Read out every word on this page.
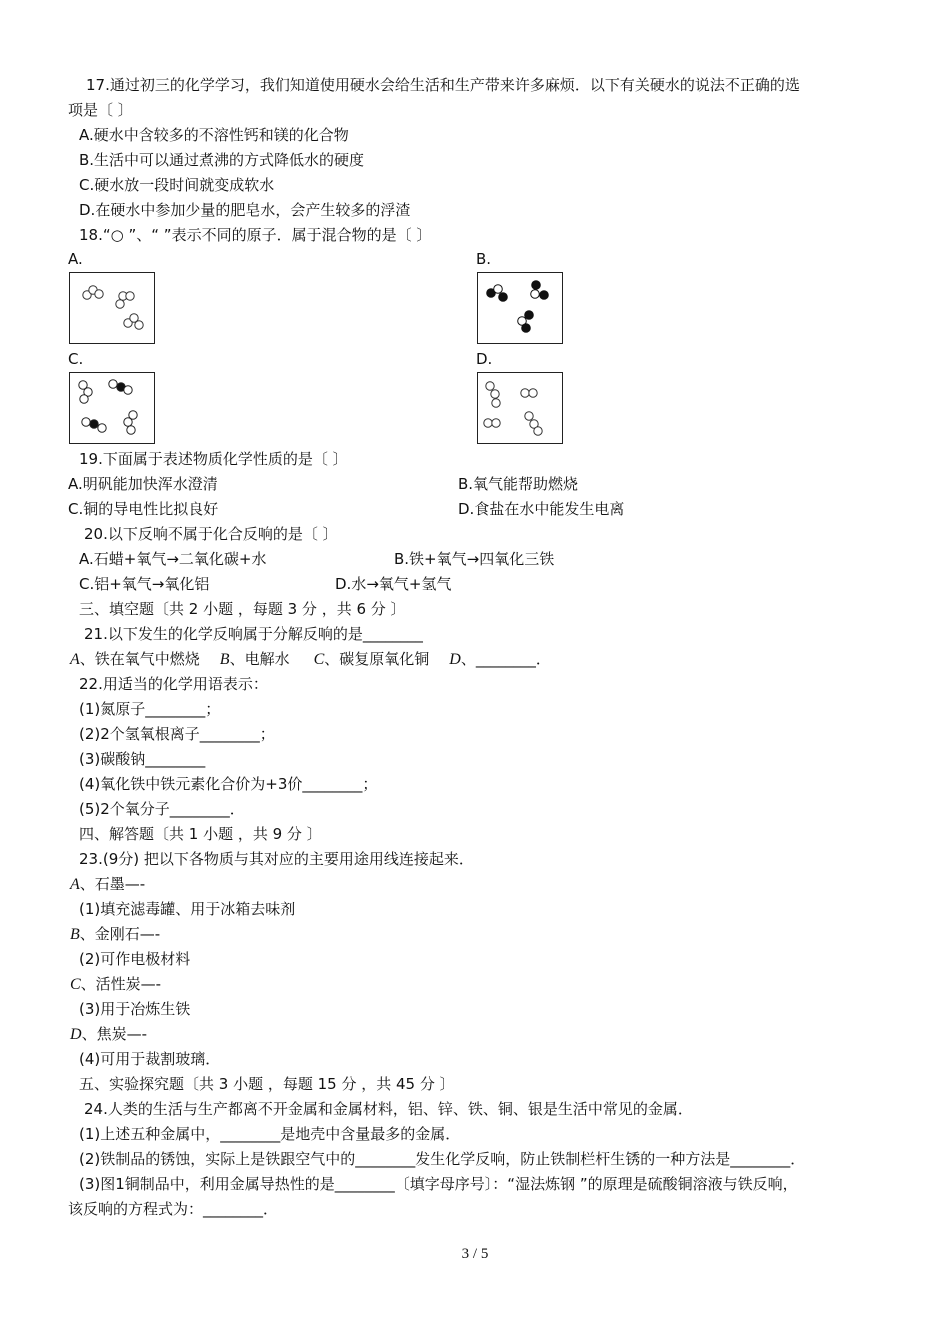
17.通过初三的化学学习，我们知道使用硬水会给生活和生产带来许多麻烦．以下有关硬水的说法不正确的选
项是〔 〕
A.硬水中含较多的不溶性钙和镁的化合物
B.生活中可以通过煮沸的方式降低水的硬度
C.硬水放一段时间就变成软水
D.在硬水中参加少量的肥皂水，会产生较多的浮渣
18.“○ ”、“ ”表示不同的原子．属于混合物的是〔 〕
A.	B.
C.	D.
19.下面属于表述物质化学性质的是〔 〕
A.明矾能加快浑水澄清	B.氧气能帮助燃烧
C.铜的导电性比拟良好	D.食盐在水中能发生电离
20.以下反响不属于化合反响的是〔 〕
A.石蜡+氧气→二氧化碳+水	B.铁+氧气→四氧化三铁
C.铝+氧气→氧化铝	D.水→氧气+氢气
三、填空题〔共 2 小题 ，每题 3 分 ，共 6 分 〕
21.以下发生的化学反响属于分解反响的是________
A、铁在氧气中燃烧 B、电解水 C、碳复原氧化铜 D、________．
22.用适当的化学用语表示：
(1)氮原子________；
(2)2个氢氧根离子________；
(3)碳酸钠________
(4)氧化铁中铁元素化合价为+3价________；
(5)2个氧分子________．
四、解答题〔共 1 小题 ，共 9 分 〕
23.(9分) 把以下各物质与其对应的主要用途用线连接起来．
A、石墨—-
(1)填充滤毒罐、用于冰箱去味剂
B、金刚石—-
(2)可作电极材料
C、活性炭—-
(3)用于冶炼生铁
D、焦炭—-
(4)可用于裁割玻璃．
五、实验探究题〔共 3 小题 ，每题 15 分 ，共 45 分 〕
24.人类的生活与生产都离不开金属和金属材料，铝、锌、铁、铜、银是生活中常见的金属．
(1)上述五种金属中，________是地壳中含量最多的金属．
(2)铁制品的锈蚀，实际上是铁跟空气中的________发生化学反响，防止铁制栏杆生锈的一种方法是________．
(3)图1铜制品中，利用金属导热性的是________〔填字母序号〕：“湿法炼钢 ”的原理是硫酸铜溶液与铁反响，
该反响的方程式为：________．
3 / 5
